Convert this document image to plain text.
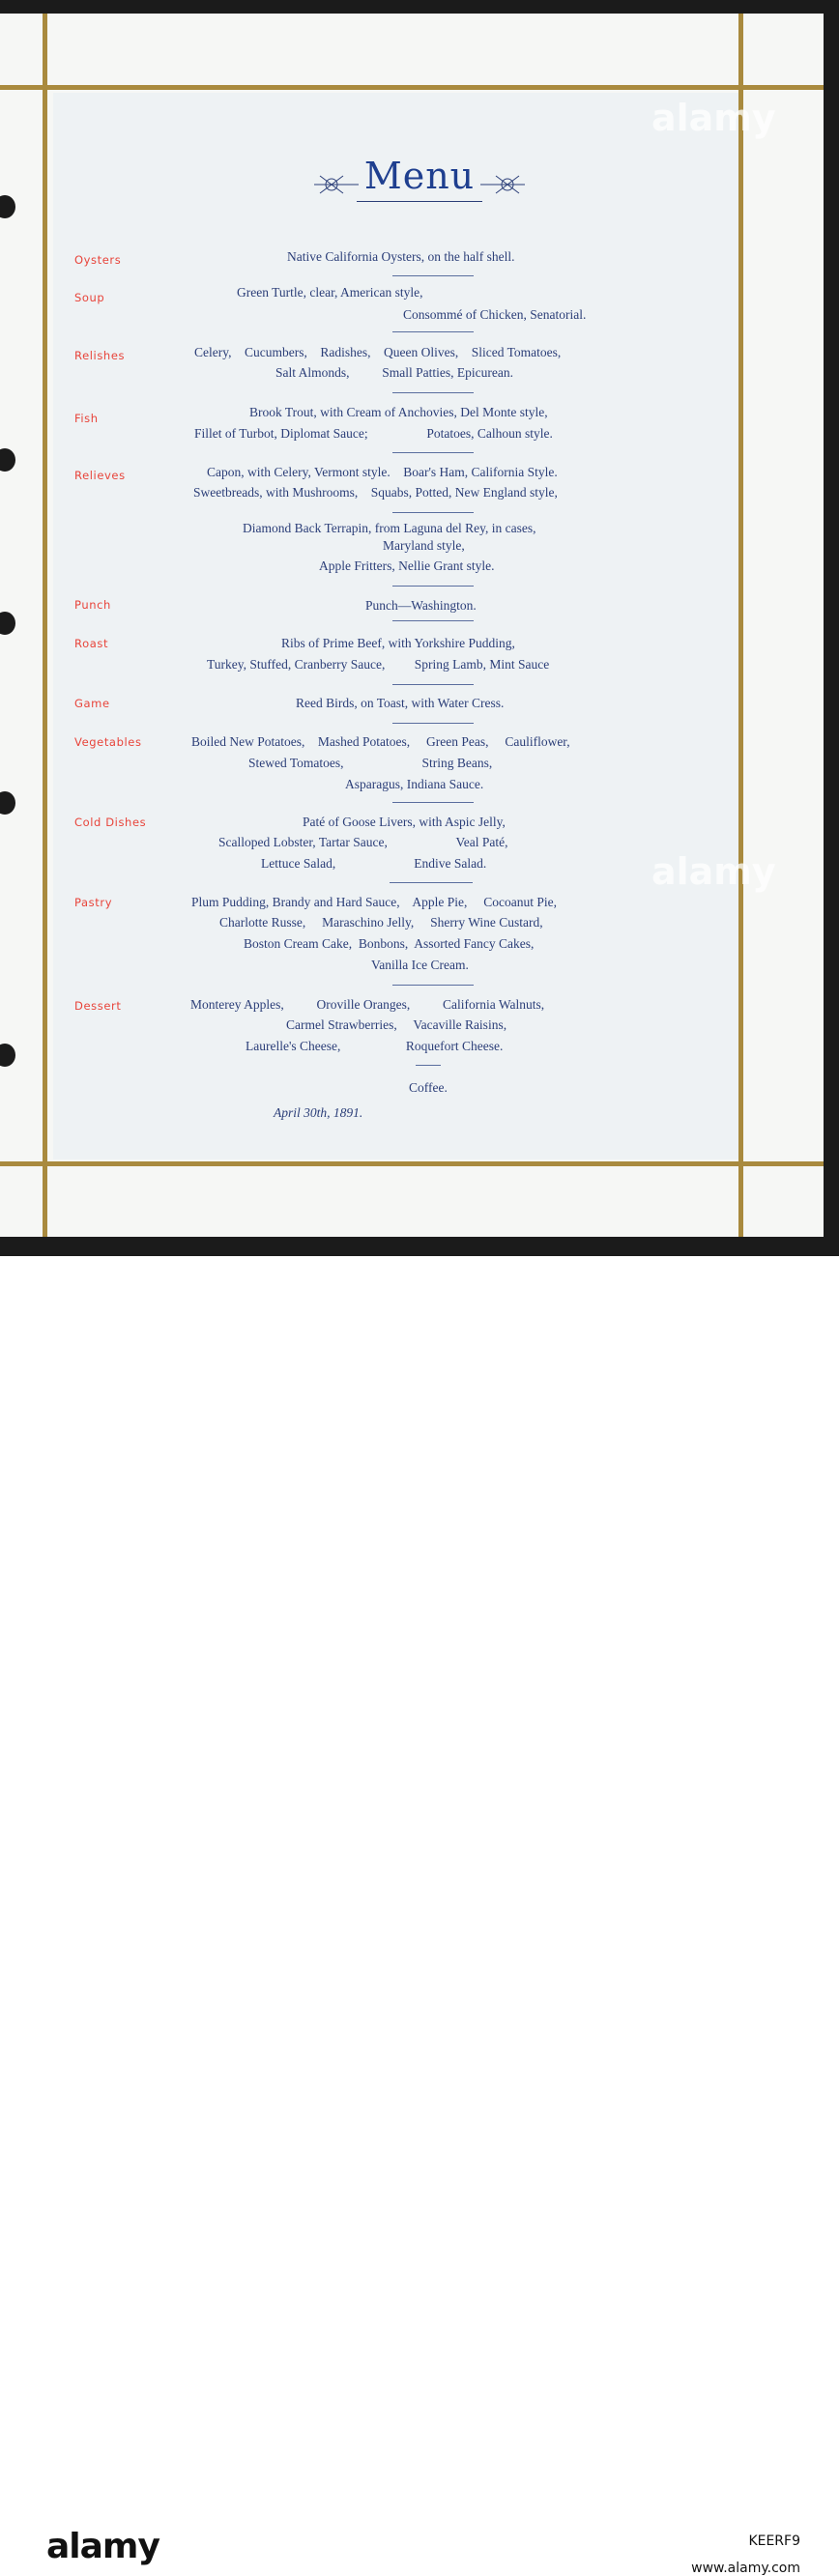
Menu
April 30th, 1891.
alamy
alamy
Oysters	Native California Oysters, on the half shell.
Soup	Green Turtle, clear, American style,
Consommé of Chicken, Senatorial.
Relishes	Celery,    Cucumbers,    Radishes,    Queen Olives,    Sliced Tomatoes,
Salt Almonds,          Small Patties, Epicurean.
Fish	Brook Trout, with Cream of Anchovies, Del Monte style,
Fillet of Turbot, Diplomat Sauce;                  Potatoes, Calhoun style.
Relieves	Capon, with Celery, Vermont style.    Boar's Ham, California Style.
Sweetbreads, with Mushrooms,    Squabs, Potted, New England style,
Diamond Back Terrapin, from Laguna del Rey, in cases,
Maryland style,
Apple Fritters, Nellie Grant style.
Punch	Punch—Washington.
Roast	Ribs of Prime Beef, with Yorkshire Pudding,
Turkey, Stuffed, Cranberry Sauce,         Spring Lamb, Mint Sauce
Game	Reed Birds, on Toast, with Water Cress.
Vegetables	Boiled New Potatoes,    Mashed Potatoes,     Green Peas,     Cauliflower,
Stewed Tomatoes,                        String Beans,
Asparagus, Indiana Sauce.
Cold Dishes	Paté of Goose Livers, with Aspic Jelly,
Scalloped Lobster, Tartar Sauce,                     Veal Paté,
Lettuce Salad,                        Endive Salad.
Pastry	Plum Pudding, Brandy and Hard Sauce,    Apple Pie,     Cocoanut Pie,
Charlotte Russe,     Maraschino Jelly,     Sherry Wine Custard,
Boston Cream Cake,  Bonbons,  Assorted Fancy Cakes,
Vanilla Ice Cream.
Dessert	Monterey Apples,          Oroville Oranges,          California Walnuts,
Carmel Strawberries,     Vacaville Raisins,
Laurelle's Cheese,                    Roquefort Cheese.
Coffee.
alamy	KEERF9
www.alamy.com
